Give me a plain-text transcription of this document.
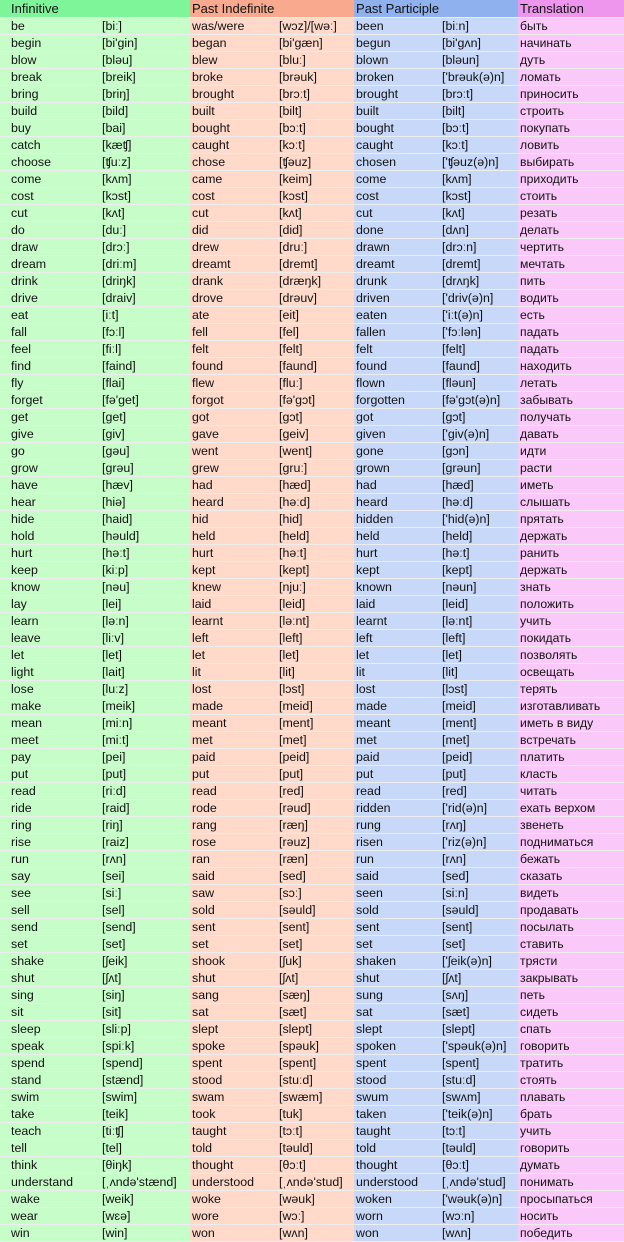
	Infinitive		Past Indefinite		Past Participle		Translation
	be	[biː]	was/were	[wɔz]/[wəː]	been	[biːn]	быть
	begin	[bi'gin]	began	[bi'gæn]	begun	[bi'gʌn]	начинать
	blow	[bləu]	blew	[bluː]	blown	[bləun]	дуть
	break	[breik]	broke	[brəuk]	broken	['brəuk(ə)n]	ломать
	bring	[briŋ]	brought	[brɔːt]	brought	[brɔːt]	приносить
	build	[bild]	built	[bilt]	built	[bilt]	строить
	buy	[bai]	bought	[bɔːt]	bought	[bɔːt]	покупать
	catch	[kæʧ]	caught	[kɔːt]	caught	[kɔːt]	ловить
	choose	[ʧuːz]	chose	[ʧəuz]	chosen	['ʧəuz(ə)n]	выбирать
	come	[kʌm]	came	[keim]	come	[kʌm]	приходить
	cost	[kɔst]	cost	[kɔst]	cost	[kɔst]	стоить
	cut	[kʌt]	cut	[kʌt]	cut	[kʌt]	резать
	do	[duː]	did	[did]	done	[dʌn]	делать
	draw	[drɔː]	drew	[druː]	drawn	[drɔːn]	чертить
	dream	[driːm]	dreamt	[dremt]	dreamt	[dremt]	мечтать
	drink	[driŋk]	drank	[dræŋk]	drunk	[drʌŋk]	пить
	drive	[draiv]	drove	[drəuv]	driven	['driv(ə)n]	водить
	eat	[iːt]	ate	[eit]	eaten	['iːt(ə)n]	есть
	fall	[fɔːl]	fell	[fel]	fallen	['fɔːlən]	падать
	feel	[fiːl]	felt	[felt]	felt	[felt]	падать
	find	[faind]	found	[faund]	found	[faund]	находить
	fly	[flai]	flew	[fluː]	flown	[fləun]	летать
	forget	[fə'get]	forgot	[fə'gɔt]	forgotten	[fə'gɔt(ə)n]	забывать
	get	[get]	got	[gɔt]	got	[gɔt]	получать
	give	[giv]	gave	[geiv]	given	['giv(ə)n]	давать
	go	[gəu]	went	[went]	gone	[gɔn]	идти
	grow	[grəu]	grew	[gruː]	grown	[grəun]	расти
	have	[hæv]	had	[hæd]	had	[hæd]	иметь
	hear	[hiə]	heard	[həːd]	heard	[həːd]	слышать
	hide	[haid]	hid	[hid]	hidden	['hid(ə)n]	прятать
	hold	[həuld]	held	[held]	held	[held]	держать
	hurt	[həːt]	hurt	[həːt]	hurt	[həːt]	ранить
	keep	[kiːp]	kept	[kept]	kept	[kept]	держать
	know	[nəu]	knew	[njuː]	known	[nəun]	знать
	lay	[lei]	laid	[leid]	laid	[leid]	положить
	learn	[ləːn]	learnt	[ləːnt]	learnt	[ləːnt]	учить
	leave	[liːv]	left	[left]	left	[left]	покидать
	let	[let]	let	[let]	let	[let]	позволять
	light	[lait]	lit	[lit]	lit	[lit]	освещать
	lose	[luːz]	lost	[lɔst]	lost	[lɔst]	терять
	make	[meik]	made	[meid]	made	[meid]	изготавливать
	mean	[miːn]	meant	[ment]	meant	[ment]	иметь в виду
	meet	[miːt]	met	[met]	met	[met]	встречать
	pay	[pei]	paid	[peid]	paid	[peid]	платить
	put	[put]	put	[put]	put	[put]	класть
	read	[riːd]	read	[red]	read	[red]	читать
	ride	[raid]	rode	[rəud]	ridden	['rid(ə)n]	ехать верхом
	ring	[riŋ]	rang	[ræŋ]	rung	[rʌŋ]	звенеть
	rise	[raiz]	rose	[rəuz]	risen	['riz(ə)n]	подниматься
	run	[rʌn]	ran	[ræn]	run	[rʌn]	бежать
	say	[sei]	said	[sed]	said	[sed]	сказать
	see	[siː]	saw	[sɔː]	seen	[siːn]	видеть
	sell	[sel]	sold	[səuld]	sold	[səuld]	продавать
	send	[send]	sent	[sent]	sent	[sent]	посылать
	set	[set]	set	[set]	set	[set]	ставить
	shake	[ʃeik]	shook	[ʃuk]	shaken	['ʃeik(ə)n]	трясти
	shut	[ʃʌt]	shut	[ʃʌt]	shut	[ʃʌt]	закрывать
	sing	[siŋ]	sang	[sæŋ]	sung	[sʌŋ]	петь
	sit	[sit]	sat	[sæt]	sat	[sæt]	сидеть
	sleep	[sliːp]	slept	[slept]	slept	[slept]	спать
	speak	[spiːk]	spoke	[spəuk]	spoken	['spəuk(ə)n]	говорить
	spend	[spend]	spent	[spent]	spent	[spent]	тратить
	stand	[stænd]	stood	[stuːd]	stood	[stuːd]	стоять
	swim	[swim]	swam	[swæm]	swum	[swʌm]	плавать
	take	[teik]	took	[tuk]	taken	['teik(ə)n]	брать
	teach	[tiːʧ]	taught	[tɔːt]	taught	[tɔːt]	учить
	tell	[tel]	told	[təuld]	told	[təuld]	говорить
	think	[θiŋk]	thought	[θɔːt]	thought	[θɔːt]	думать
	understand	[ˌʌndə'stænd]	understood	[ˌʌndə'stud]	understood	[ˌʌndə'stud]	понимать
	wake	[weik]	woke	[wəuk]	woken	['wəuk(ə)n]	просыпаться
	wear	[wɛə]	wore	[wɔː]	worn	[wɔːn]	носить
	win	[win]	won	[wʌn]	won	[wʌn]	победить
